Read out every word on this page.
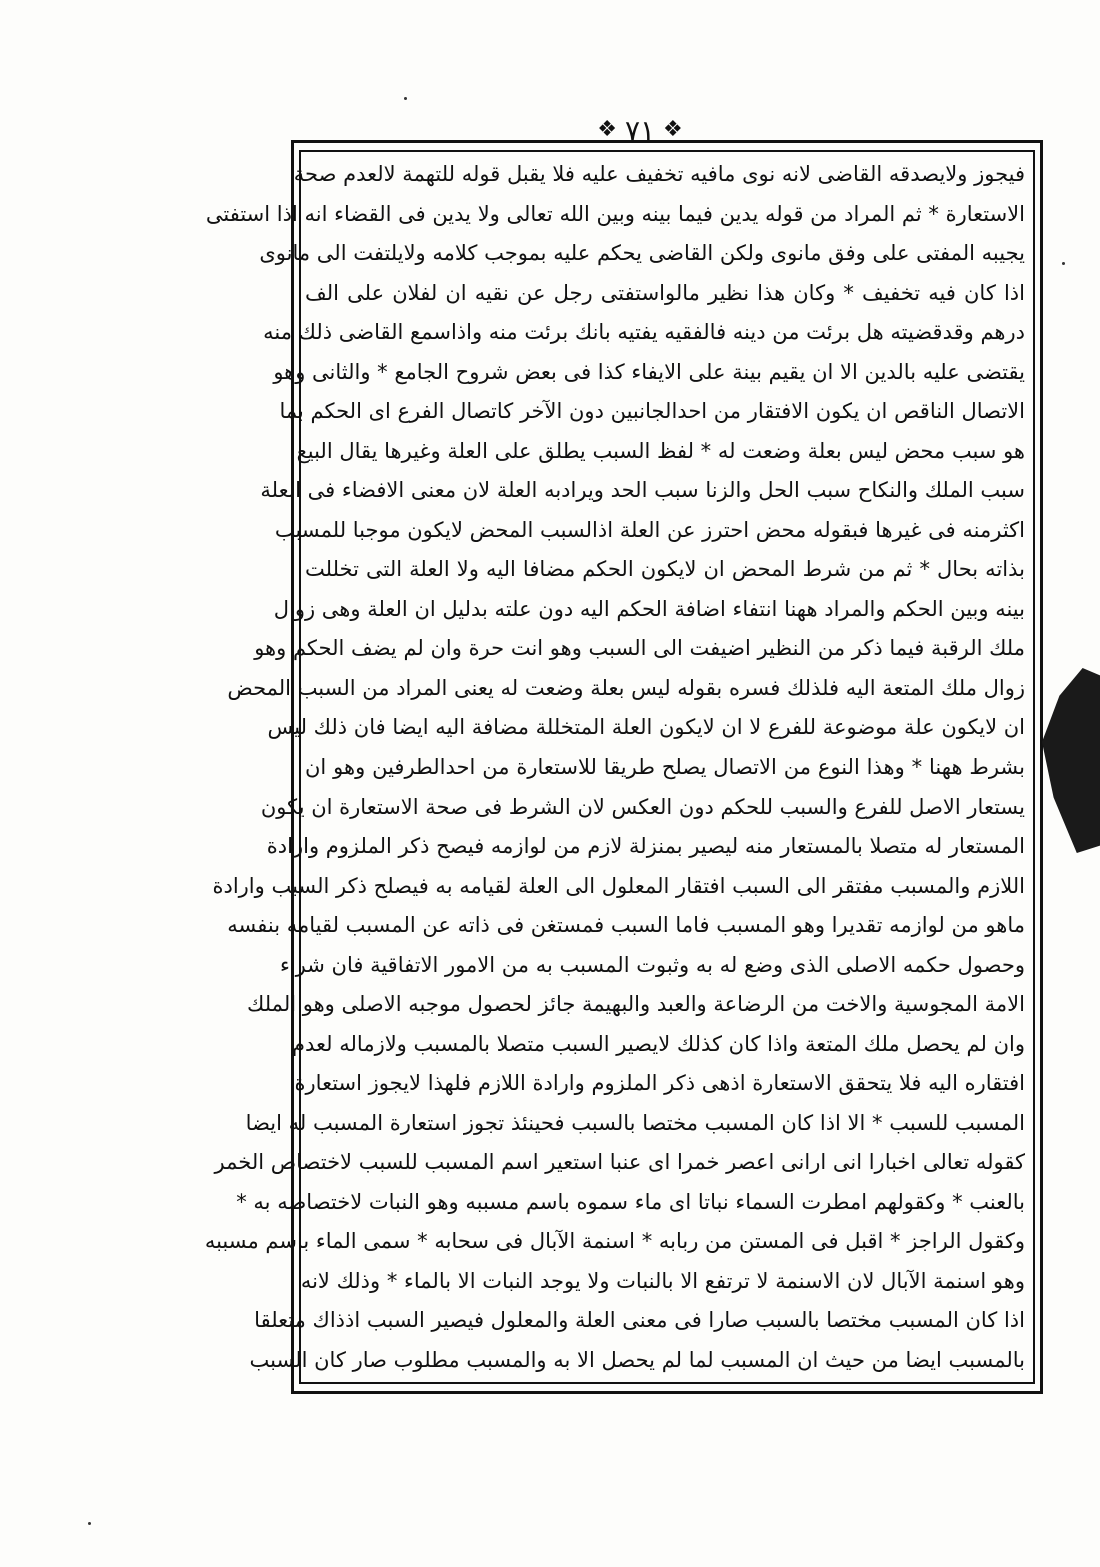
❖ ٧١ ❖
فيجوز ولايصدقه القاضى لانه نوى مافيه تخفيف عليه فلا يقبل قوله للتهمة لالعدم صحة
الاستعارة * ثم المراد من قوله يدين فيما بينه وبين الله تعالى ولا يدين فى القضاء انه اذا استفتى
يجيبه المفتى على وفق مانوى ولكن القاضى يحكم عليه بموجب كلامه ولايلتفت الى مانوى
اذا كان فيه تخفيف * وكان هذا نظير مالواستفتى رجل عن نقيه ان لفلان على الف
درهم وقدقضيته هل برئت من دينه فالفقيه يفتيه بانك برئت منه واذاسمع القاضى ذلك منه
يقتضى عليه بالدين الا ان يقيم بينة على الايفاء كذا فى بعض شروح الجامع * والثانى وهو
الاتصال الناقص ان يكون الافتقار من احدالجانبين دون الآخر كاتصال الفرع اى الحكم بما
هو سبب محض ليس بعلة وضعت له * لفظ السبب يطلق على العلة وغيرها يقال البيع
سبب الملك والنكاح سبب الحل والزنا سبب الحد ويرادبه العلة لان معنى الافضاء فى العلة
اكثرمنه فى غيرها فبقوله محض احترز عن العلة اذالسبب المحض لايكون موجبا للمسبب
بذاته بحال * ثم من شرط المحض ان لايكون الحكم مضافا اليه ولا العلة التى تخللت
بينه وبين الحكم والمراد ههنا انتفاء اضافة الحكم اليه دون علته بدليل ان العلة وهى زوال
ملك الرقبة فيما ذكر من النظير اضيفت الى السبب وهو انت حرة وان لم يضف الحكم وهو
زوال ملك المتعة اليه فلذلك فسره بقوله ليس بعلة وضعت له يعنى المراد من السبب المحض
ان لايكون علة موضوعة للفرع لا ان لايكون العلة المتخللة مضافة اليه ايضا فان ذلك ليس
بشرط ههنا * وهذا النوع من الاتصال يصلح طريقا للاستعارة من احدالطرفين وهو ان
يستعار الاصل للفرع والسبب للحكم دون العكس لان الشرط فى صحة الاستعارة ان يكون
المستعار له متصلا بالمستعار منه ليصير بمنزلة لازم من لوازمه فيصح ذكر الملزوم وارادة
اللازم والمسبب مفتقر الى السبب افتقار المعلول الى العلة لقيامه به فيصلح ذكر السبب وارادة
ماهو من لوازمه تقديرا وهو المسبب فاما السبب فمستغن فى ذاته عن المسبب لقيامه بنفسه
وحصول حكمه الاصلى الذى وضع له به وثبوت المسبب به من الامور الاتفاقية فان شراء
الامة المجوسية والاخت من الرضاعة والعبد والبهيمة جائز لحصول موجبه الاصلى وهو الملك
وان لم يحصل ملك المتعة واذا كان كذلك لايصير السبب متصلا بالمسبب ولازماله لعدم
افتقاره اليه فلا يتحقق الاستعارة اذهى ذكر الملزوم وارادة اللازم فلهذا لايجوز استعارة
المسبب للسبب * الا اذا كان المسبب مختصا بالسبب فحينئذ تجوز استعارة المسبب له ايضا
كقوله تعالى اخبارا انى ارانى اعصر خمرا اى عنبا استعير اسم المسبب للسبب لاختصاص الخمر
بالعنب * وكقولهم امطرت السماء نباتا اى ماء سموه باسم مسببه وهو النبات لاختصاصه به *
وكقول الراجز * اقبل فى المستن من ربابه * اسنمة الآبال فى سحابه * سمى الماء باسم مسببه
وهو اسنمة الآبال لان الاسنمة لا ترتفع الا بالنبات ولا يوجد النبات الا بالماء * وذلك لانه
اذا كان المسبب مختصا بالسبب صارا فى معنى العلة والمعلول فيصير السبب اذذاك متعلقا
بالمسبب ايضا من حيث ان المسبب لما لم يحصل الا به والمسبب مطلوب صار كان السبب
